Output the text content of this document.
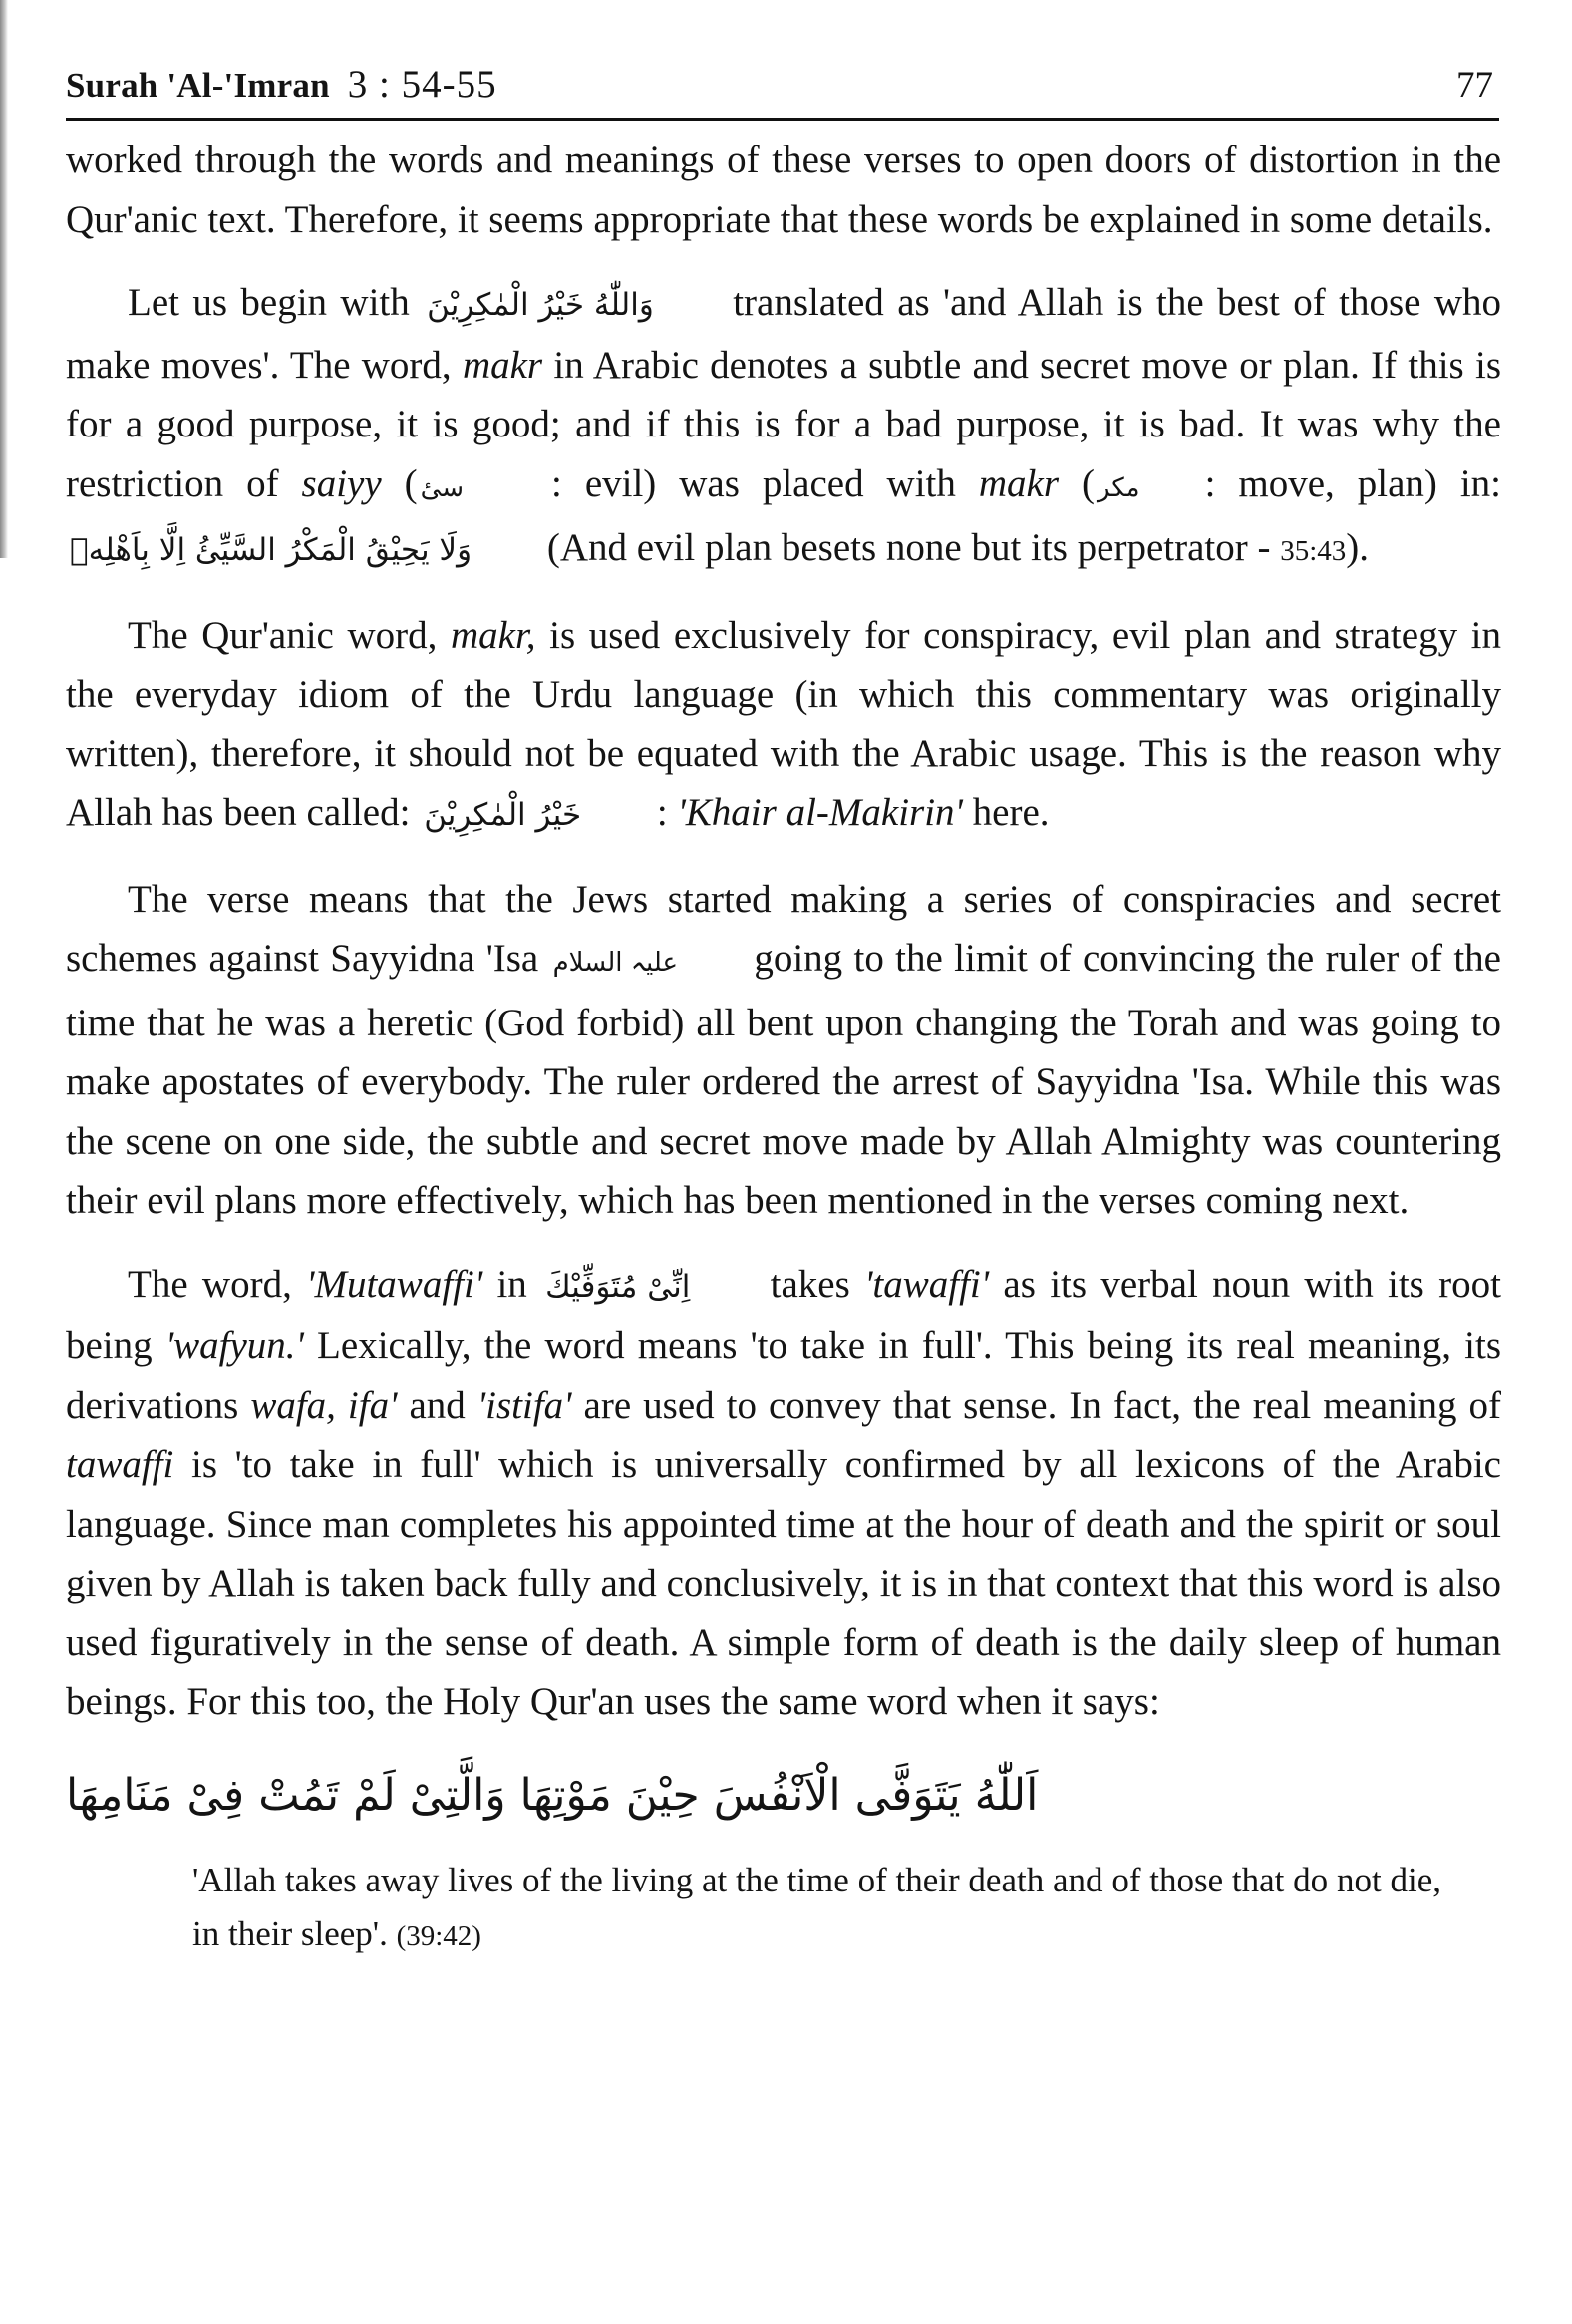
Surah 'Al-'Imran 3 : 54-55	77

worked through the words and meanings of these verses to open doors of distortion in the Qur'anic text. Therefore, it seems appropriate that these words be explained in some details.

Let us begin with وَاللّٰهُ خَيْرُ الْمٰكِرِيْنَ translated as 'and Allah is the best of those who make moves'. The word, makr in Arabic denotes a subtle and secret move or plan. If this is for a good purpose, it is good; and if this is for a bad purpose, it is bad. It was why the restriction of saiyy ( سیٔ : evil) was placed with makr ( مکر : move, plan) in: وَلَا يَحِيْقُ الْمَكْرُ السَّيِّئُ اِلَّا بِاَهْلِهٖ (And evil plan besets none but its perpetrator - 35:43).

The Qur'anic word, makr, is used exclusively for conspiracy, evil plan and strategy in the everyday idiom of the Urdu language (in which this commentary was originally written), therefore, it should not be equated with the Arabic usage. This is the reason why Allah has been called: خَيْرُ الْمٰكِرِيْنَ : 'Khair al-Makirin' here.

The verse means that the Jews started making a series of conspiracies and secret schemes against Sayyidna 'Isa علیہ السلام going to the limit of convincing the ruler of the time that he was a heretic (God forbid) all bent upon changing the Torah and was going to make apostates of everybody. The ruler ordered the arrest of Sayyidna 'Isa. While this was the scene on one side, the subtle and secret move made by Allah Almighty was countering their evil plans more effectively, which has been mentioned in the verses coming next.

The word, 'Mutawaffi' in اِنِّىْ مُتَوَفِّيْكَ takes 'tawaffi' as its verbal noun with its root being 'wafyun.' Lexically, the word means 'to take in full'. This being its real meaning, its derivations wafa, ifa' and 'istifa' are used to convey that sense. In fact, the real meaning of tawaffi is 'to take in full' which is universally confirmed by all lexicons of the Arabic language. Since man completes his appointed time at the hour of death and the spirit or soul given by Allah is taken back fully and conclusively, it is in that context that this word is also used figuratively in the sense of death. A simple form of death is the daily sleep of human beings. For this too, the Holy Qur'an uses the same word when it says:

اَللّٰهُ يَتَوَفَّى الْاَنْفُسَ حِيْنَ مَوْتِهَا وَالَّتِىْ لَمْ تَمُتْ فِىْ مَنَامِهَا
'Allah takes away lives of the living at the time of their death and of those that do not die, in their sleep'. (39:42)
